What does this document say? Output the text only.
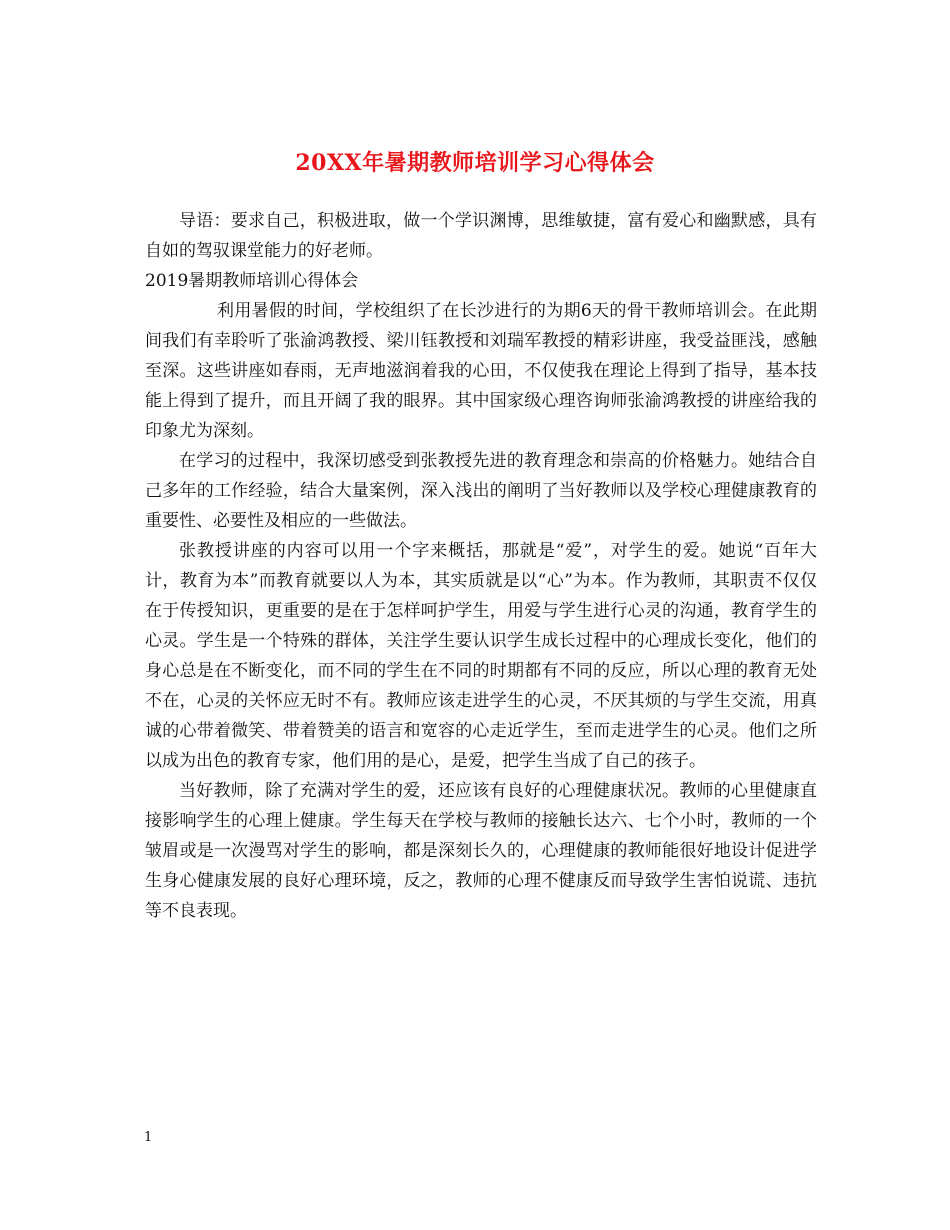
20XX年暑期教师培训学习心得体会

导语：要求自己，积极进取，做一个学识渊博，思维敏捷，富有爱心和幽默感，具有自如的驾驭课堂能力的好老师。

2019暑期教师培训心得体会

利用暑假的时间，学校组织了在长沙进行的为期6天的骨干教师培训会。在此期间我们有幸聆听了张渝鸿教授、梁川钰教授和刘瑞军教授的精彩讲座，我受益匪浅，感触至深。这些讲座如春雨，无声地滋润着我的心田，不仅使我在理论上得到了指导，基本技能上得到了提升，而且开阔了我的眼界。其中国家级心理咨询师张渝鸿教授的讲座给我的印象尤为深刻。

在学习的过程中，我深切感受到张教授先进的教育理念和崇高的价格魅力。她结合自己多年的工作经验，结合大量案例，深入浅出的阐明了当好教师以及学校心理健康教育的重要性、必要性及相应的一些做法。

张教授讲座的内容可以用一个字来概括，那就是“爱”，对学生的爱。她说“百年大计，教育为本”而教育就要以人为本，其实质就是以“心”为本。作为教师，其职责不仅仅在于传授知识，更重要的是在于怎样呵护学生，用爱与学生进行心灵的沟通，教育学生的心灵。学生是一个特殊的群体，关注学生要认识学生成长过程中的心理成长变化，他们的身心总是在不断变化，而不同的学生在不同的时期都有不同的反应，所以心理的教育无处不在，心灵的关怀应无时不有。教师应该走进学生的心灵，不厌其烦的与学生交流，用真诚的心带着微笑、带着赞美的语言和宽容的心走近学生，至而走进学生的心灵。他们之所以成为出色的教育专家，他们用的是心，是爱，把学生当成了自己的孩子。

当好教师，除了充满对学生的爱，还应该有良好的心理健康状况。教师的心里健康直接影响学生的心理上健康。学生每天在学校与教师的接触长达六、七个小时，教师的一个皱眉或是一次漫骂对学生的影响，都是深刻长久的，心理健康的教师能很好地设计促进学生身心健康发展的良好心理环境，反之，教师的心理不健康反而导致学生害怕说谎、违抗等不良表现。

1
